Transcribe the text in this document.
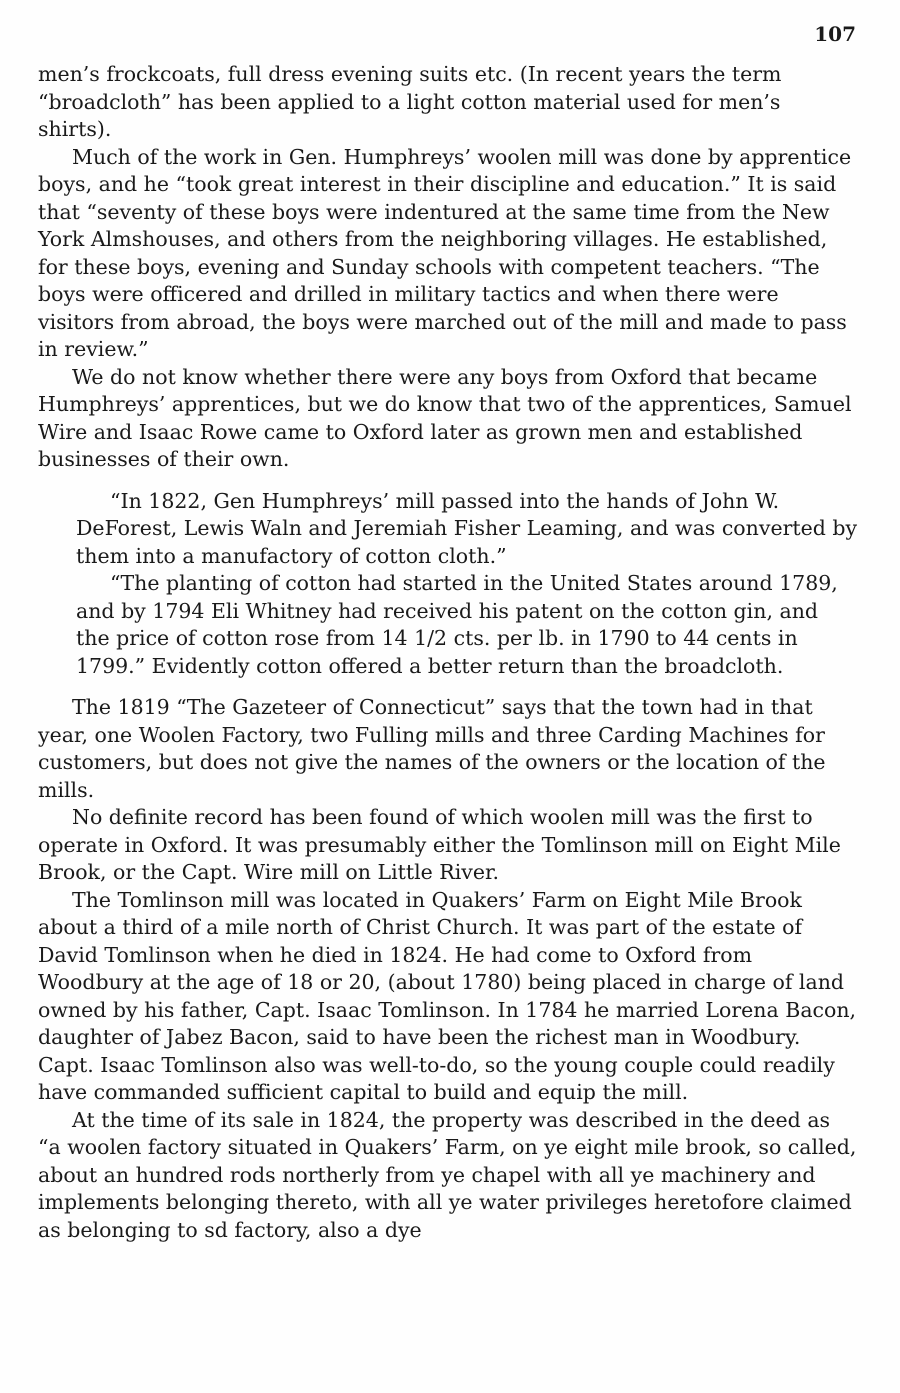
107

men’s frockcoats, full dress evening suits etc. (In recent years the term “broadcloth” has been applied to a light cotton material used for men’s shirts).

Much of the work in Gen. Humphreys’ woolen mill was done by apprentice boys, and he “took great interest in their discipline and education.” It is said that “seventy of these boys were indentured at the same time from the New York Almshouses, and others from the neighboring villages. He established, for these boys, evening and Sunday schools with competent teachers. “The boys were officered and drilled in military tactics and when there were visitors from abroad, the boys were marched out of the mill and made to pass in review.”

We do not know whether there were any boys from Oxford that became Humphreys’ apprentices, but we do know that two of the apprentices, Samuel Wire and Isaac Rowe came to Oxford later as grown men and established businesses of their own.

“In 1822, Gen Humphreys’ mill passed into the hands of John W. DeForest, Lewis Waln and Jeremiah Fisher Leaming, and was converted by them into a manufactory of cotton cloth.”

“The planting of cotton had started in the United States around 1789, and by 1794 Eli Whitney had received his patent on the cotton gin, and the price of cotton rose from 14 1/2 cts. per lb. in 1790 to 44 cents in 1799.” Evidently cotton offered a better return than the broadcloth.

The 1819 “The Gazeteer of Connecticut” says that the town had in that year, one Woolen Factory, two Fulling mills and three Carding Machines for customers, but does not give the names of the owners or the location of the mills.

No definite record has been found of which woolen mill was the first to operate in Oxford. It was presumably either the Tomlinson mill on Eight Mile Brook, or the Capt. Wire mill on Little River.

The Tomlinson mill was located in Quakers’ Farm on Eight Mile Brook about a third of a mile north of Christ Church. It was part of the estate of David Tomlinson when he died in 1824. He had come to Oxford from Woodbury at the age of 18 or 20, (about 1780) being placed in charge of land owned by his father, Capt. Isaac Tomlinson. In 1784 he married Lorena Bacon, daughter of Jabez Bacon, said to have been the richest man in Woodbury. Capt. Isaac Tomlinson also was well-to-do, so the young couple could readily have commanded sufficient capital to build and equip the mill.

At the time of its sale in 1824, the property was described in the deed as “a woolen factory situated in Quakers’ Farm, on ye eight mile brook, so called, about an hundred rods northerly from ye chapel with all ye machinery and implements belonging thereto, with all ye water privileges heretofore claimed as belonging to sd factory, also a dye
